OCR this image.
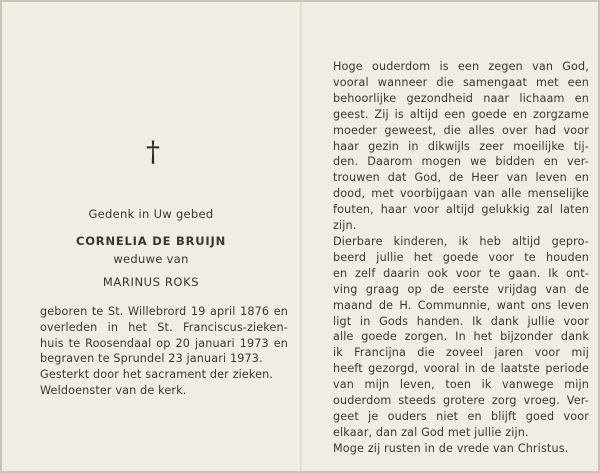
†
Gedenk in Uw gebed
CORNELIA DE BRUIJN
weduwe van
MARINUS ROKS
geboren te St. Willebrord 19 april 1876 en
overleden in het St. Franciscus-zieken-
huis te Roosendaal op 20 januari 1973 en
begraven te Sprundel 23 januari 1973.
Gesterkt door het sacrament der zieken.
Weldoenster van de kerk.
Hoge ouderdom is een zegen van God,
vooral wanneer die samengaat met een
behoorlijke gezondheid naar lichaam en
geest. Zij is altijd een goede en zorgzame
moeder geweest, die alles over had voor
haar gezin in dikwijls zeer moeilijke tij-
den. Daarom mogen we bidden en ver-
trouwen dat God, de Heer van leven en
dood, met voorbijgaan van alle menselijke
fouten, haar voor altijd gelukkig zal laten
zijn.
Dierbare kinderen, ik heb altijd gepro-
beerd jullie het goede voor te houden
en zelf daarin ook voor te gaan. Ik ont-
ving graag op de eerste vrijdag van de
maand de H. Communnie, want ons leven
ligt in Gods handen. Ik dank jullie voor
alle goede zorgen. In het bijzonder dank
ik Francijna die zoveel jaren voor mij
heeft gezorgd, vooral in de laatste periode
van mijn leven, toen ik vanwege mijn
ouderdom steeds grotere zorg vroeg. Ver-
geet je ouders niet en blijft goed voor
elkaar, dan zal God met jullie zijn.
Moge zij rusten in de vrede van Christus.
